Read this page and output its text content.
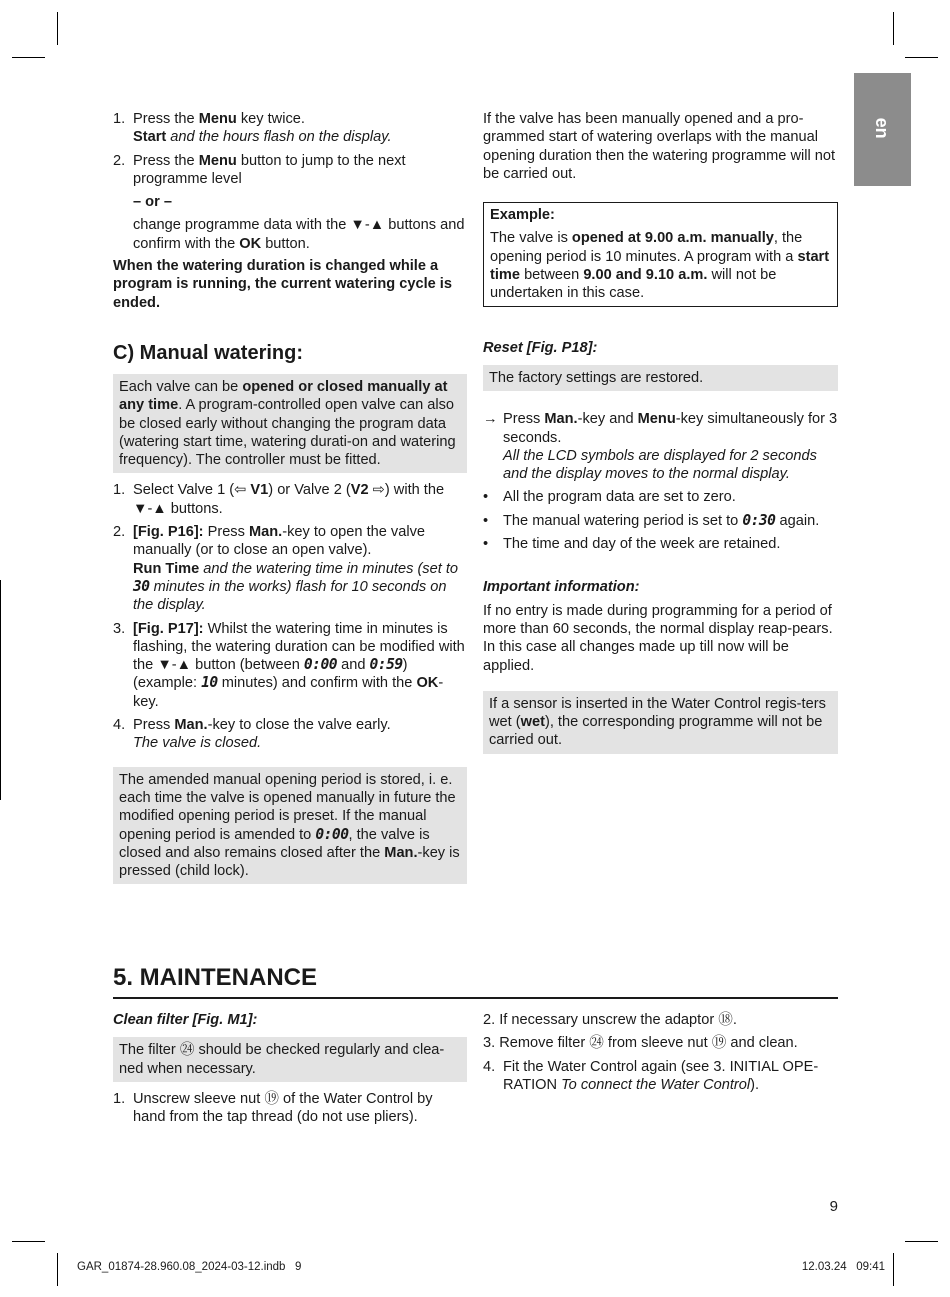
en
1. Press the Menu key twice.
Start and the hours flash on the display.
2. Press the Menu button to jump to the next programme level
– or –
change programme data with the ▼-▲ buttons and confirm with the OK button.
When the watering duration is changed while a program is running, the current watering cycle is ended.
C) Manual watering:
Each valve can be opened or closed manually at any time. A program-controlled open valve can also be closed early without changing the program data (watering start time, watering durati-on and watering frequency). The controller must be fitted.
1. Select Valve 1 (⇦ V1) or Valve 2 (V2 ⇨) with the ▼-▲ buttons.
2. [Fig. P16]: Press Man.-key to open the valve manually (or to close an open valve).
Run Time and the watering time in minutes (set to 30 minutes in the works) flash for 10 seconds on the display.
3. [Fig. P17]: Whilst the watering time in minutes is flashing, the watering duration can be modified with the ▼-▲ button (between 0:00 and 0:59) (example: 10 minutes) and confirm with the OK-key.
4. Press Man.-key to close the valve early.
The valve is closed.
The amended manual opening period is stored, i. e. each time the valve is opened manually in future the modified opening period is preset. If the manual opening period is amended to 0:00, the valve is closed and also remains closed after the Man.-key is pressed (child lock).
If the valve has been manually opened and a pro-grammed start of watering overlaps with the manual opening duration then the watering programme will not be carried out.
Example:
The valve is opened at 9.00 a.m. manually, the opening period is 10 minutes. A program with a start time between 9.00 and 9.10 a.m. will not be undertaken in this case.
Reset [Fig. P18]:
The factory settings are restored.
→ Press Man.-key and Menu-key simultaneously for 3 seconds.
All the LCD symbols are displayed for 2 seconds and the display moves to the normal display.
• All the program data are set to zero.
• The manual watering period is set to 0:30 again.
• The time and day of the week are retained.
Important information:
If no entry is made during programming for a period of more than 60 seconds, the normal display reap-pears. In this case all changes made up till now will be applied.
If a sensor is inserted in the Water Control regis-ters wet (wet), the corresponding programme will not be carried out.
5. MAINTENANCE
Clean filter [Fig. M1]:
The filter ㉔ should be checked regularly and clea-ned when necessary.
1. Unscrew sleeve nut ⑲ of the Water Control by hand from the tap thread (do not use pliers).
2. If necessary unscrew the adaptor ⑱.
3. Remove filter ㉔ from sleeve nut ⑲ and clean.
4. Fit the Water Control again (see 3. INITIAL OPE-RATION To connect the Water Control).
9
GAR_01874-28.960.08_2024-03-12.indb   9	12.03.24   09:41
